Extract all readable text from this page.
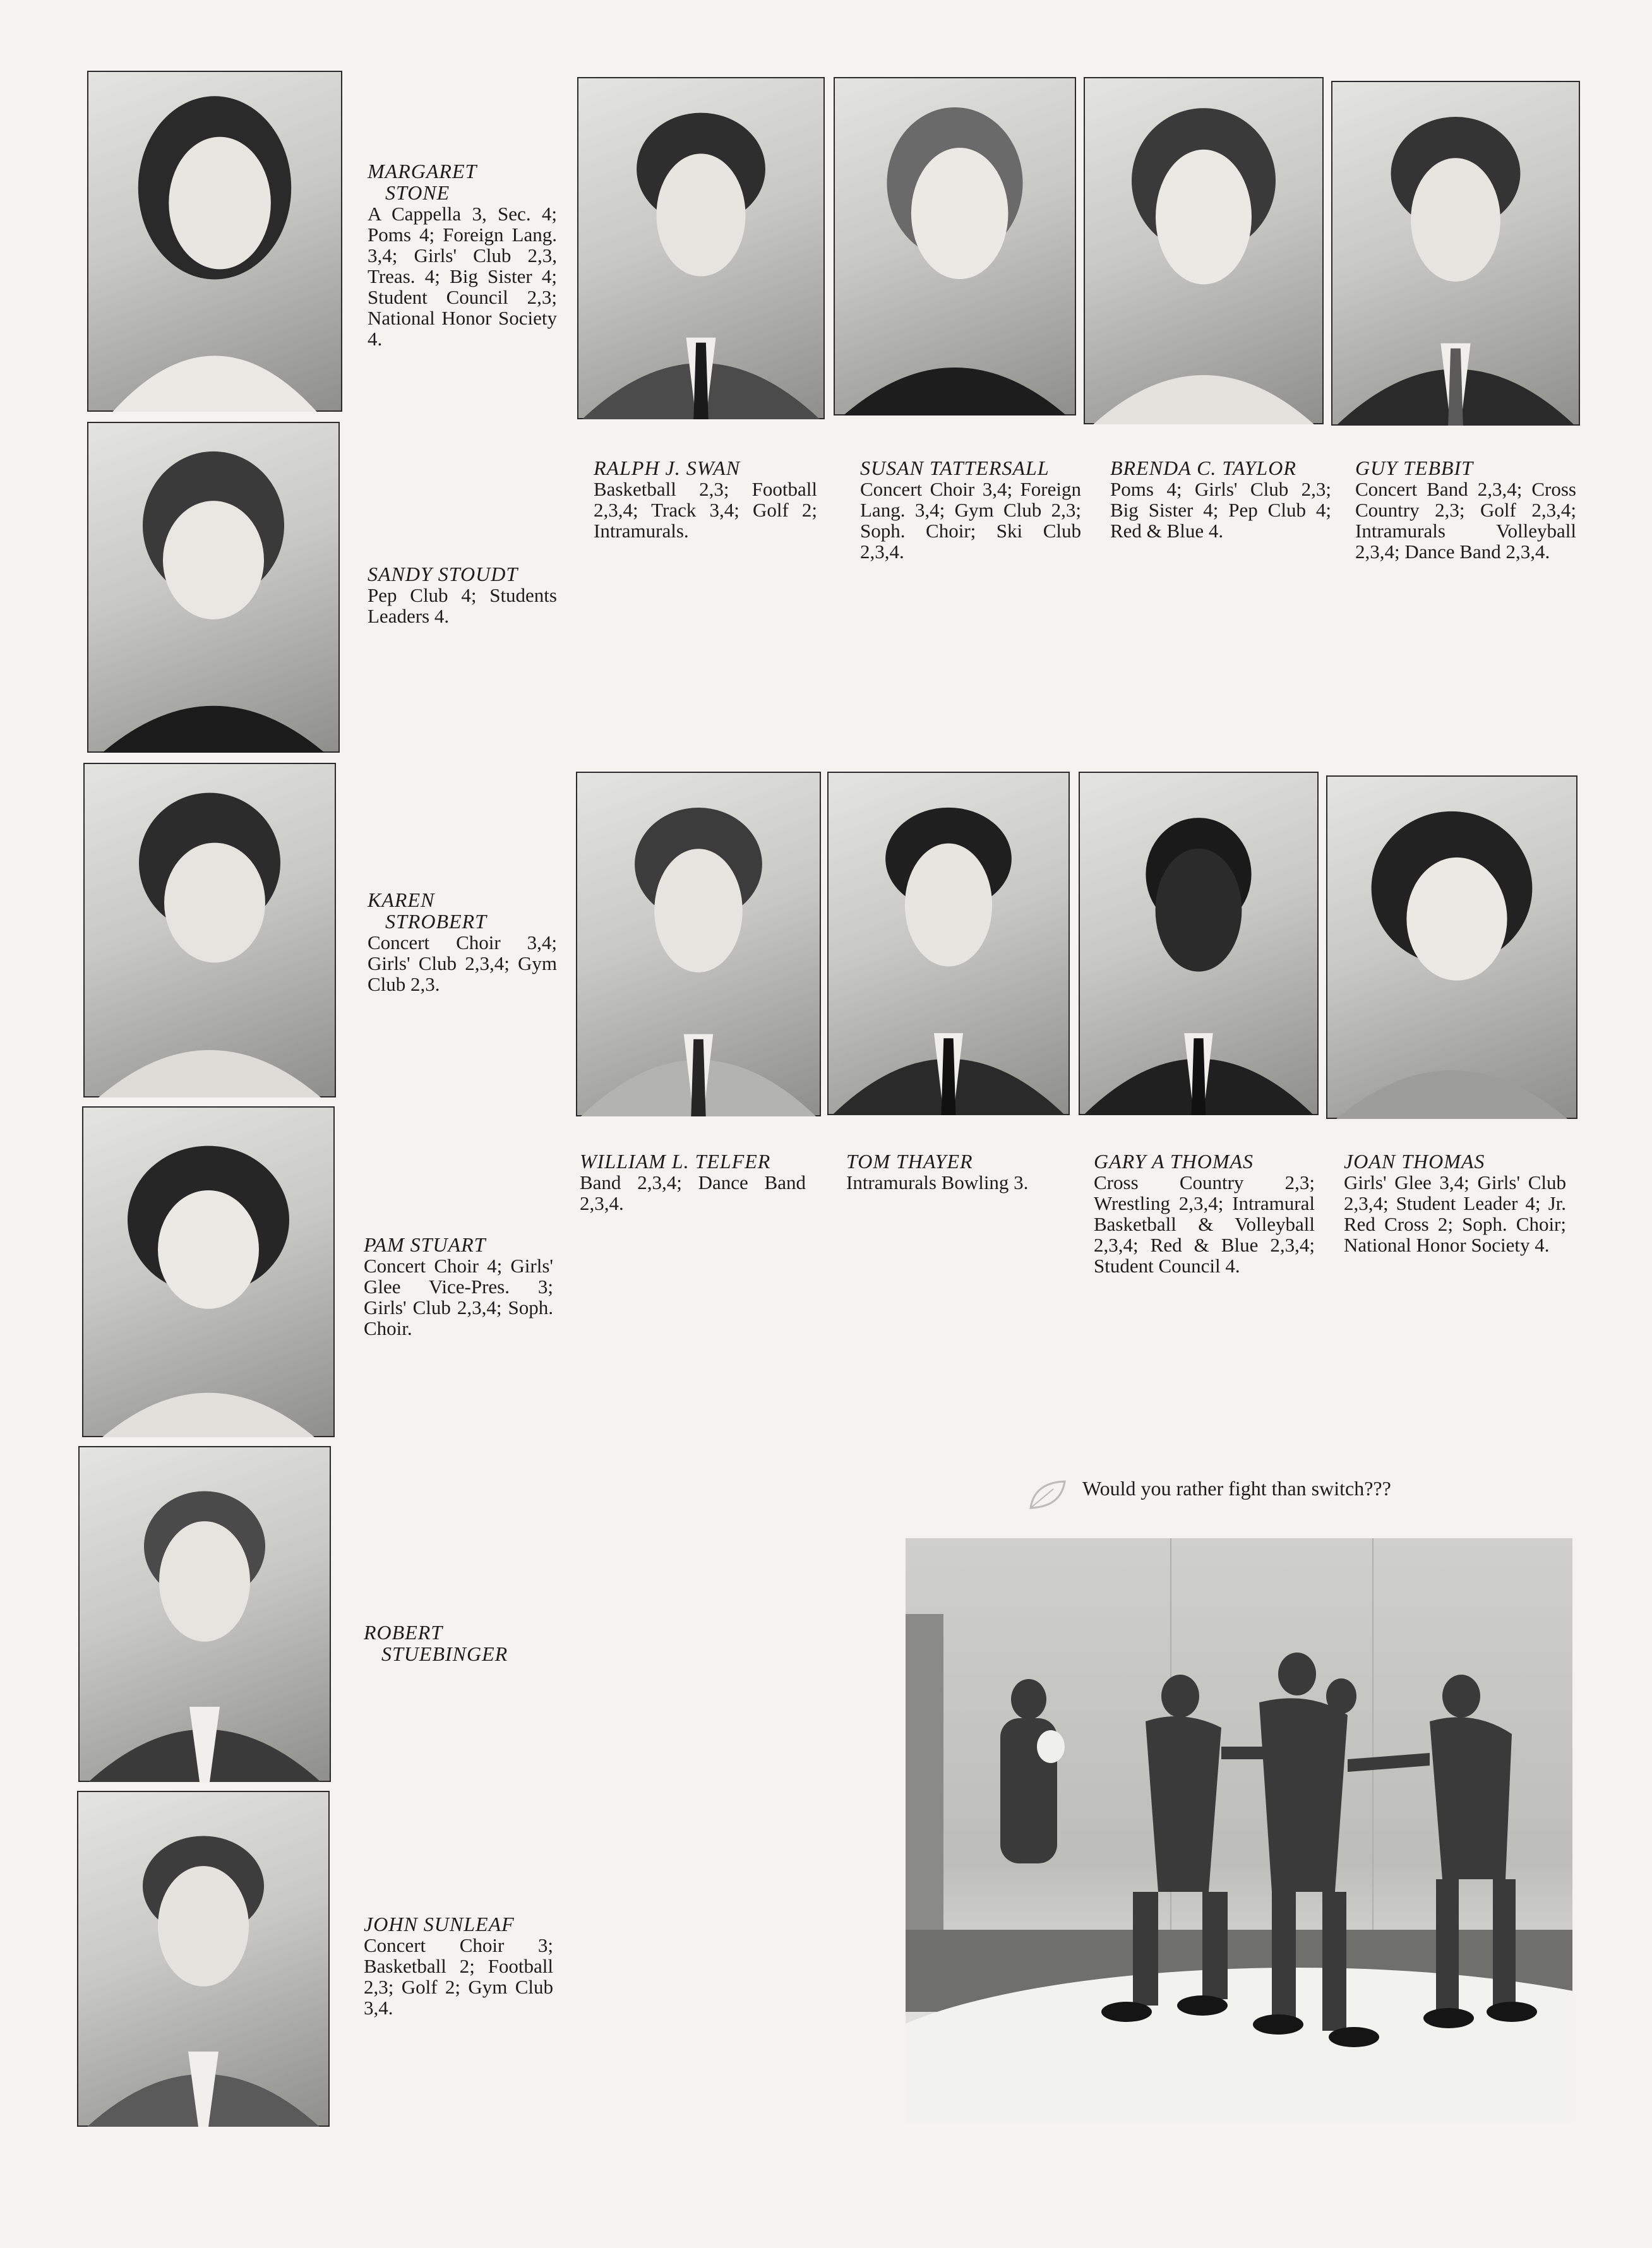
MARGARET
STONE
A Cappella 3, Sec. 4; Poms 4; Foreign Lang. 3,4; Girls' Club 2,3, Treas. 4; Big Sister 4; Student Council 2,3; National Honor Society 4.
SANDY STOUDT
Pep Club 4; Students Leaders 4.
KAREN
STROBERT
Concert Choir 3,4; Girls' Club 2,3,4; Gym Club 2,3.
PAM STUART
Concert Choir 4; Girls' Glee Vice-Pres. 3; Girls' Club 2,3,4; Soph. Choir.
ROBERT
STUEBINGER
JOHN SUNLEAF
Concert Choir 3; Basketball 2; Football 2,3; Golf 2; Gym Club 3,4.
RALPH J. SWAN
Basketball 2,3; Football 2,3,4; Track 3,4; Golf 2; Intramurals.
SUSAN TATTERSALL
Concert Choir 3,4; Foreign Lang. 3,4; Gym Club 2,3; Soph. Choir; Ski Club 2,3,4.
BRENDA C. TAYLOR
Poms 4; Girls' Club 2,3; Big Sister 4; Pep Club 4; Red & Blue 4.
GUY TEBBIT
Concert Band 2,3,4; Cross Country 2,3; Golf 2,3,4; Intramurals Volleyball 2,3,4; Dance Band 2,3,4.
WILLIAM L. TELFER
Band 2,3,4; Dance Band 2,3,4.
TOM THAYER
Intramurals Bowling 3.
GARY A THOMAS
Cross Country 2,3; Wrestling 2,3,4; Intramural Basketball & Volleyball 2,3,4; Red & Blue 2,3,4; Student Council 4.
JOAN THOMAS
Girls' Glee 3,4; Girls' Club 2,3,4; Student Leader 4; Jr. Red Cross 2; Soph. Choir; National Honor Society 4.
Would you rather fight than switch???
